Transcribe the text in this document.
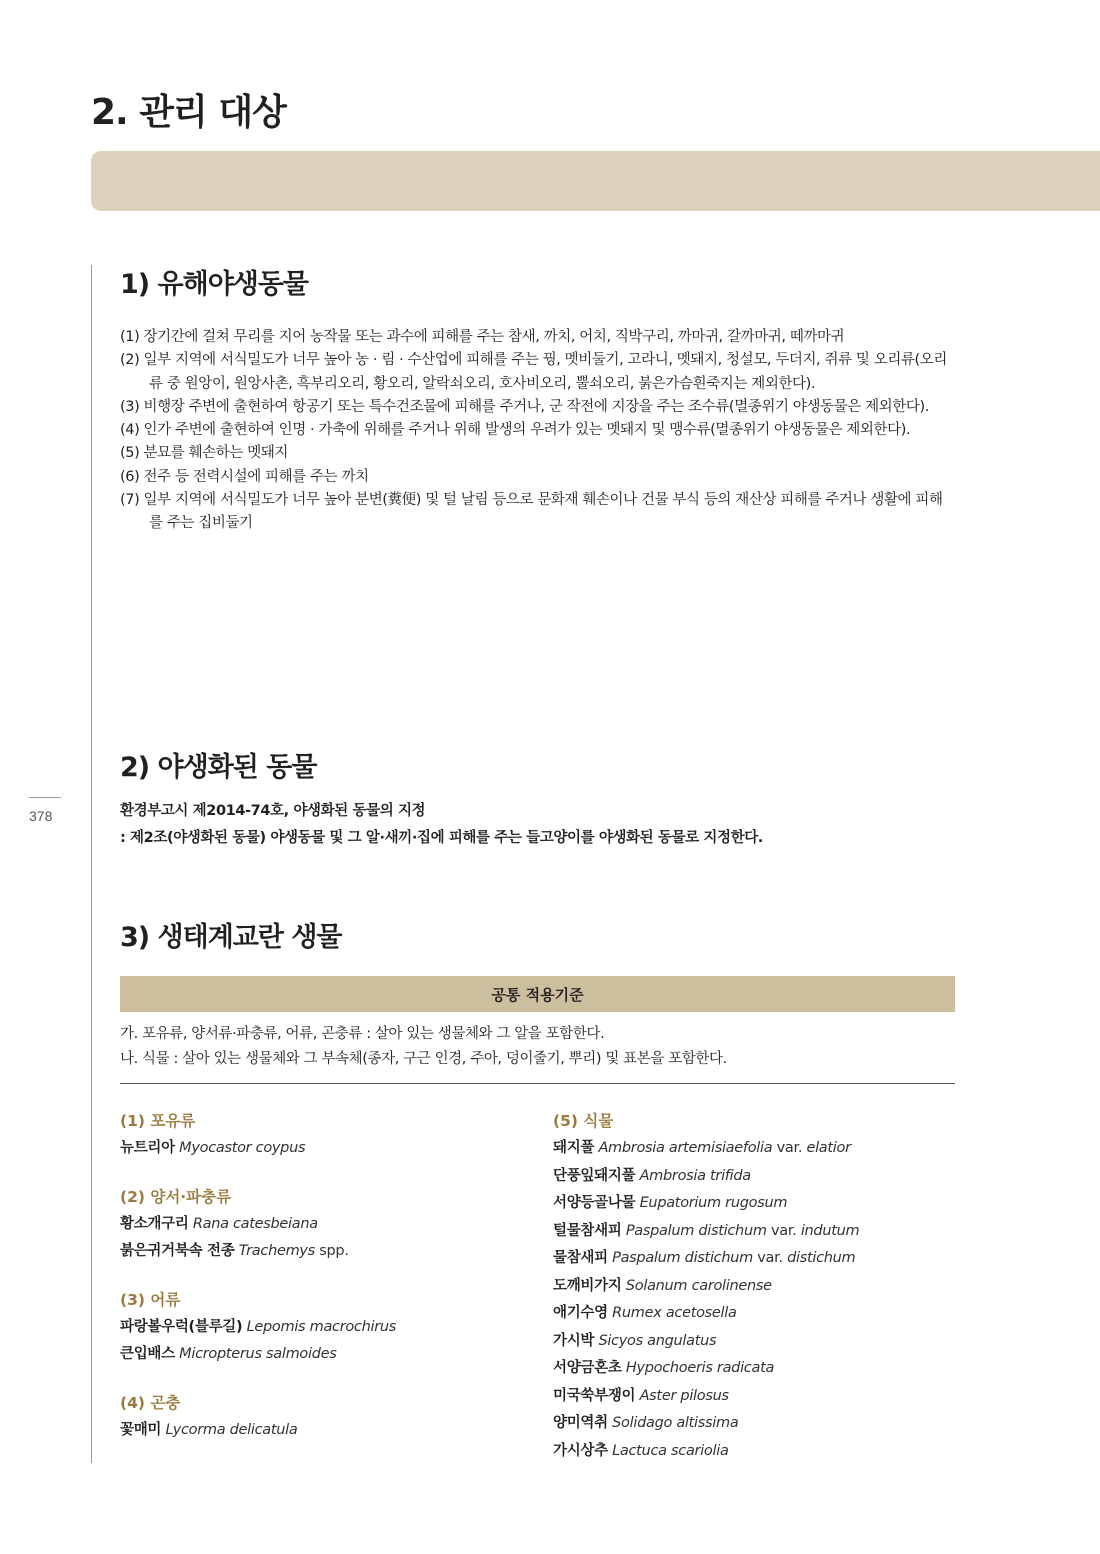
2. 관리 대상
378
1) 유해야생동물
(1) 장기간에 걸쳐 무리를 지어 농작물 또는 과수에 피해를 주는 참새, 까치, 어치, 직박구리, 까마귀, 갈까마귀, 떼까마귀
(2) 일부 지역에 서식밀도가 너무 높아 농 · 림 · 수산업에 피해를 주는 꿩, 멧비둘기, 고라니, 멧돼지, 청설모, 두더지, 쥐류 및 오리류(오리류 중 원앙이, 원앙사촌, 흑부리오리, 황오리, 알락쇠오리, 호사비오리, 뿔쇠오리, 붉은가슴흰죽지는 제외한다).
(3) 비행장 주변에 출현하여 항공기 또는 특수건조물에 피해를 주거나, 군 작전에 지장을 주는 조수류(멸종위기 야생동물은 제외한다).
(4) 인가 주변에 출현하여 인명 · 가축에 위해를 주거나 위해 발생의 우려가 있는 멧돼지 및 맹수류(멸종위기 야생동물은 제외한다).
(5) 분묘를 훼손하는 멧돼지
(6) 전주 등 전력시설에 피해를 주는 까치
(7) 일부 지역에 서식밀도가 너무 높아 분변(糞便) 및 털 날림 등으로 문화재 훼손이나 건물 부식 등의 재산상 피해를 주거나 생활에 피해를 주는 집비둘기
2) 야생화된 동물
환경부고시 제2014-74호, 야생화된 동물의 지정
: 제2조(야생화된 동물) 야생동물 및 그 알·새끼·집에 피해를 주는 들고양이를 야생화된 동물로 지정한다.
3) 생태계교란 생물
공통 적용기준
가. 포유류, 양서류·파충류, 어류, 곤충류 : 살아 있는 생물체와 그 알을 포함한다.
나. 식물 : 살아 있는 생물체와 그 부속체(종자, 구근 인경, 주아, 덩이줄기, 뿌리) 및 표본을 포함한다.
(1) 포유류
뉴트리아 Myocastor coypus
(2) 양서·파충류
황소개구리 Rana catesbeiana
붉은귀거북속 전종 Trachemys spp.
(3) 어류
파랑볼우럭(블루길) Lepomis macrochirus
큰입배스 Micropterus salmoides
(4) 곤충
꽃매미 Lycorma delicatula
(5) 식물
돼지풀 Ambrosia artemisiaefolia var. elatior
단풍잎돼지풀 Ambrosia trifida
서양등골나물 Eupatorium rugosum
털물참새피 Paspalum distichum var. indutum
물참새피 Paspalum distichum var. distichum
도깨비가지 Solanum carolinense
애기수영 Rumex acetosella
가시박 Sicyos angulatus
서양금혼초 Hypochoeris radicata
미국쑥부쟁이 Aster pilosus
양미역취 Solidago altissima
가시상추 Lactuca scariolia
